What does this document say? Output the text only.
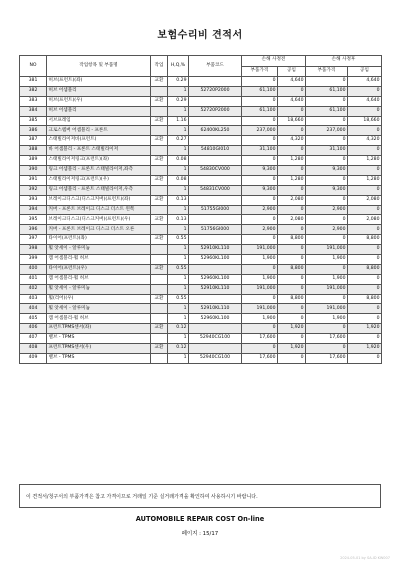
보험수리비 견적서
NO	작업항목 및 부품명	작업	H,Q,%	부품코드	손해 사정전		손해 사정후	
					부품가격	공임	부품가격	공임
381	허브(프런트)(좌)	교환	0.29		0	4,640	0	4,640
382	허브 어셈블리		1	52720P2000	61,100	0	61,100	0
383	허브(프런트)(우)	교환	0.29		0	4,640	0	4,640
384	허브 어셈블리		1	52720P2000	61,100	0	61,100	0
385	서브프레임	교환	1.16		0	18,660	0	18,660
386	크로스멤버 어셈블리 - 프론트		1	62400KL250	237,000	0	237,000	0
387	스태빌라이저바(프런트)	교환	0.27		0	4,320	0	4,320
388	바 어셈블리 - 프론트 스태빌라이저		1	54810GI010	31,100	0	31,100	0
389	스태빌라이저링크(프런트)(좌)	교환	0.08		0	1,280	0	1,280
390	링크 어셈블리 - 프론트 스태빌라이저,좌측		1	54830CV000	9,300	0	9,300	0
391	스태빌라이저링크(프런트)(우)	교환	0.08		0	1,280	0	1,280
392	링크 어셈블리 - 프론트 스태빌라이저,우측		1	54831CV000	9,300	0	9,300	0
393	브레이크디스크(디스크커버)(프런트)(좌)	교환	0.13		0	2,080	0	2,080
394	커버 - 프론트 브레이크 디스크 더스트 왼쪽		1	51755GI000	2,900	0	2,900	0
395	브레이크디스크(디스크커버)(프런트)(우)	교환	0.13		0	2,080	0	2,080
396	커버 - 프론트 브레이크 디스크 더스트 오른		1	51756GI000	2,900	0	2,900	0
397	타이어(프런트)(좌)	교환	0.55		0	8,800	0	8,800
398	휠 앗세이 - 알루미늄		1	52910KL110	191,000	0	191,000	0
399	캡 어셈블리-휠 허브		1	52960KL100	1,900	0	1,900	0
400	타이어(프런트)(우)	교환	0.55		0	8,800	0	8,800
401	캡 어셈블리-휠 허브		1	52960KL100	1,900	0	1,900	0
402	휠 앗세이 - 알루미늄		1	52910KL110	191,000	0	191,000	0
403	휠(리어)(우)	교환	0.55		0	8,800	0	8,800
404	휠 앗세이 - 알루미늄		1	52910KL110	191,000	0	191,000	0
405	캡 어셈블리-휠 허브		1	52960KL100	1,900	0	1,900	0
406	프런트TPMS센서(좌)	교환	0.12		0	1,920	0	1,920
407	밸브 - TPMS		1	52940CG100	17,600	0	17,600	0
408	프런트TPMS센서(우)	교환	0.12		0	1,920	0	1,920
409	밸브 - TPMS		1	52940CG100	17,600	0	17,600	0
이 견적서/청구서의 부품가격은 참고 가격이므로 거래일 기준 실거래가격을 확인하여 사용하시기 바랍니다.
AUTOMOBILE REPAIR COST On-line
페이지 : 15/17
2024-05-01 by SA-ID KW007
